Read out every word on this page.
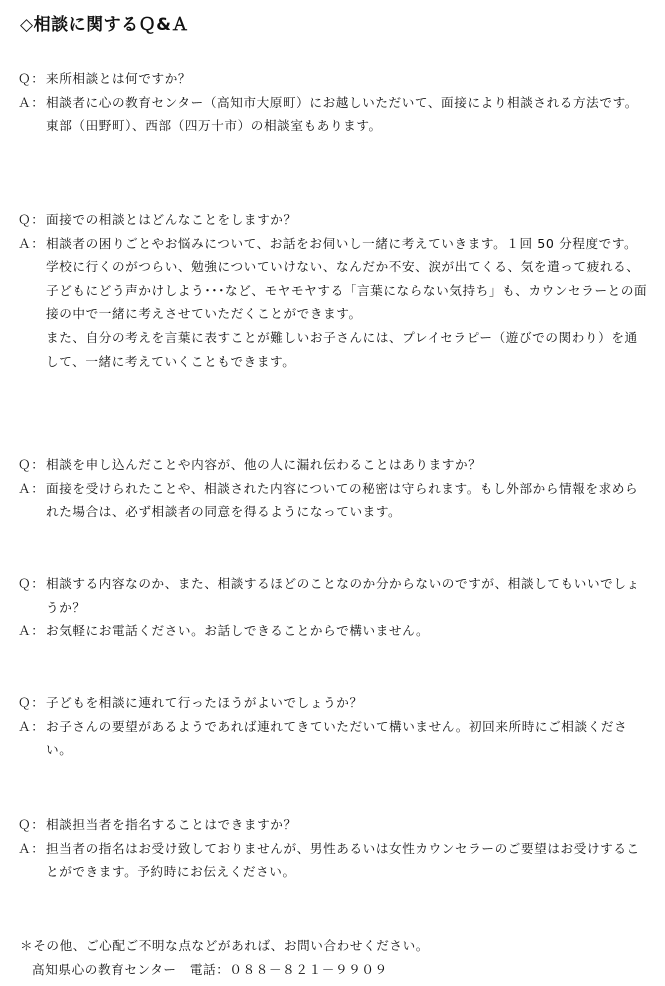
◇相談に関するＱ&Ａ
Ｑ： 来所相談とは何ですか？
Ａ： 相談者に心の教育センター（高知市大原町）にお越しいただいて、面接により相談される方法です。
東部（田野町）、西部（四万十市）の相談室もあります。
Ｑ： 面接での相談とはどんなことをしますか？
Ａ： 相談者の困りごとやお悩みについて、お話をお伺いし一緒に考えていきます。１回 50 分程度です。
学校に行くのがつらい、勉強についていけない、なんだか不安、涙が出てくる、気を遣って疲れる、子どもにどう声かけしよう･･･など、モヤモヤする「言葉にならない気持ち」も、カウンセラーとの面接の中で一緒に考えさせていただくことができます。
また、自分の考えを言葉に表すことが難しいお子さんには、プレイセラピー（遊びでの関わり）を通して、一緒に考えていくこともできます。
Ｑ： 相談を申し込んだことや内容が、他の人に漏れ伝わることはありますか？
Ａ： 面接を受けられたことや、相談された内容についての秘密は守られます。もし外部から情報を求められた場合は、必ず相談者の同意を得るようになっています。
Ｑ： 相談する内容なのか、また、相談するほどのことなのか分からないのですが、相談してもいいでしょうか？
Ａ： お気軽にお電話ください。お話しできることからで構いません。
Ｑ： 子どもを相談に連れて行ったほうがよいでしょうか？
Ａ： お子さんの要望があるようであれば連れてきていただいて構いません。初回来所時にご相談ください。
Ｑ： 相談担当者を指名することはできますか？
Ａ： 担当者の指名はお受け致しておりませんが、男性あるいは女性カウンセラーのご要望はお受けすることができます。予約時にお伝えください。
＊その他、ご心配ご不明な点などがあれば、お問い合わせください。
高知県心の教育センター　電話：０８８－８２１－９９０９
